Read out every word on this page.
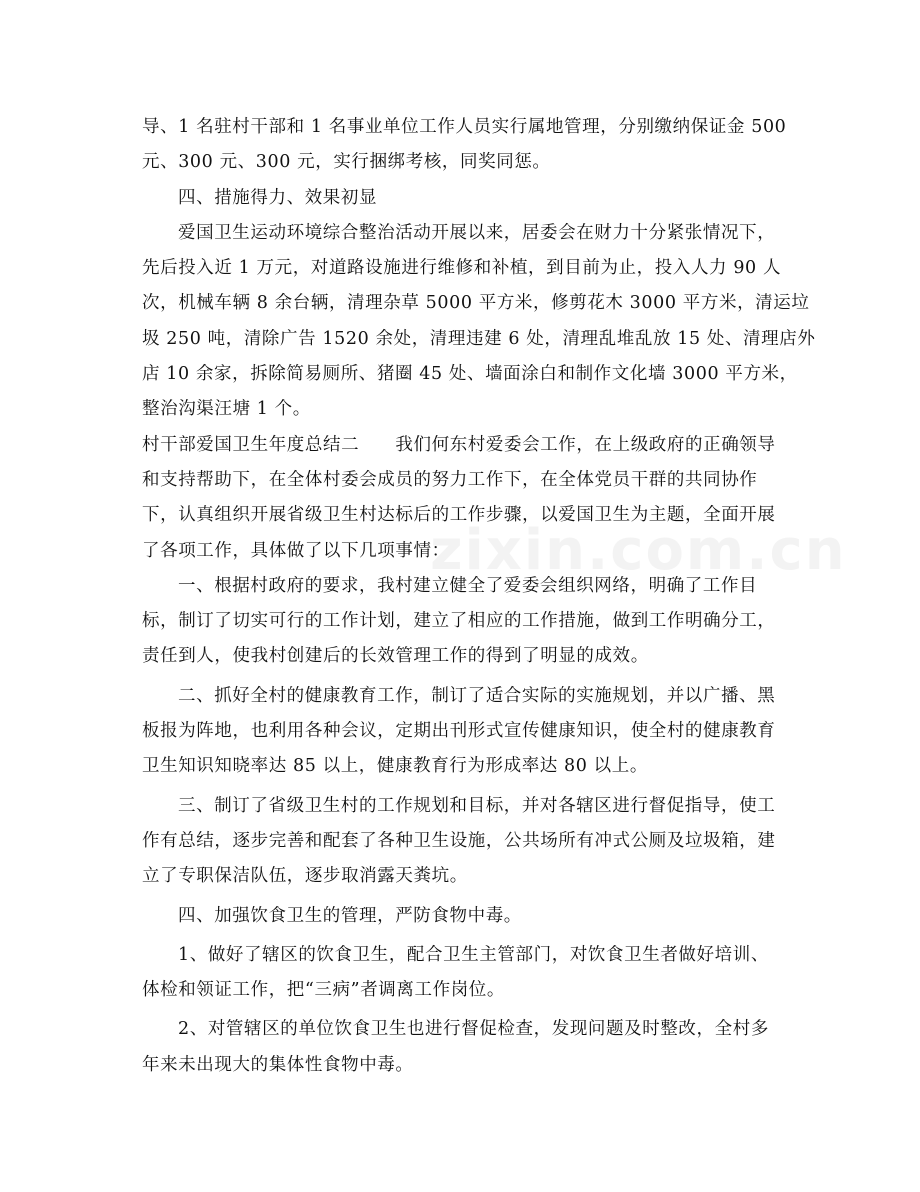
zixin.com.cn
导、1 名驻村干部和 1 名事业单位工作人员实行属地管理，分别缴纳保证金 500
元、300 元、300 元，实行捆绑考核，同奖同惩。
四、措施得力、效果初显
爱国卫生运动环境综合整治活动开展以来，居委会在财力十分紧张情况下，
先后投入近 1 万元，对道路设施进行维修和补植，到目前为止，投入人力 90 人
次，机械车辆 8 余台辆，清理杂草 5000 平方米，修剪花木 3000 平方米，清运垃
圾 250 吨，清除广告 1520 余处，清理违建 6 处，清理乱堆乱放 15 处、清理店外
店 10 余家，拆除简易厕所、猪圈 45 处、墙面涂白和制作文化墙 3000 平方米，
整治沟渠汪塘 1 个。
村干部爱国卫生年度总结二　　我们何东村爱委会工作，在上级政府的正确领导
和支持帮助下，在全体村委会成员的努力工作下，在全体党员干群的共同协作
下，认真组织开展省级卫生村达标后的工作步骤，以爱国卫生为主题，全面开展
了各项工作，具体做了以下几项事情：
一、根据村政府的要求，我村建立健全了爱委会组织网络，明确了工作目
标，制订了切实可行的工作计划，建立了相应的工作措施，做到工作明确分工，
责任到人，使我村创建后的长效管理工作的得到了明显的成效。
二、抓好全村的健康教育工作，制订了适合实际的实施规划，并以广播、黑
板报为阵地，也利用各种会议，定期出刊形式宣传健康知识，使全村的健康教育
卫生知识知晓率达 85 以上，健康教育行为形成率达 80 以上。
三、制订了省级卫生村的工作规划和目标，并对各辖区进行督促指导，使工
作有总结，逐步完善和配套了各种卫生设施，公共场所有冲式公厕及垃圾箱，建
立了专职保洁队伍，逐步取消露天粪坑。
四、加强饮食卫生的管理，严防食物中毒。
1、做好了辖区的饮食卫生，配合卫生主管部门，对饮食卫生者做好培训、
体检和领证工作，把“三病”者调离工作岗位。
2、对管辖区的单位饮食卫生也进行督促检查，发现问题及时整改，全村多
年来未出现大的集体性食物中毒。
